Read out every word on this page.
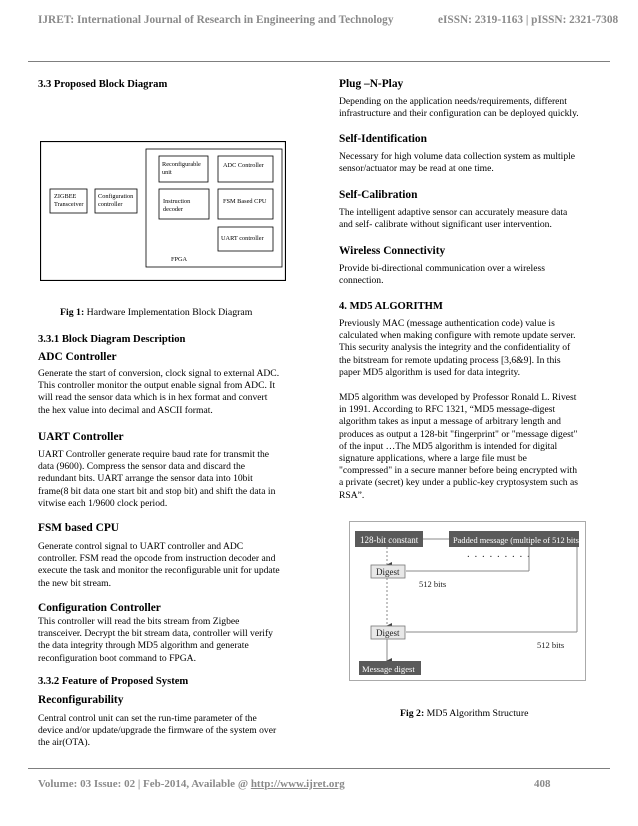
IJRET: International Journal of Research in Engineering and Technology	eISSN: 2319-1163 | pISSN: 2321-7308
3.3 Proposed Block Diagram
ZIGBEE
Transceiver
Configuration
controller
Reconfigurable
unit
ADC Controller
Instruction
decoder
FSM Based CPU
UART controller
FPGA
Fig 1: Hardware Implementation Block Diagram
3.3.1 Block Diagram Description
ADC Controller
Generate the start of conversion, clock signal to external ADC.
This controller monitor the output enable signal from ADC. It
will read the sensor data which is in hex format and convert
the hex value into decimal and ASCII format.
UART Controller
UART Controller generate require baud rate for transmit the
data (9600). Compress the sensor data and discard the
redundant bits. UART arrange the sensor data into 10bit
frame(8 bit data one start bit and stop bit) and shift the data in
vitwise each 1/9600 clock period.
FSM based CPU
Generate control signal to UART controller and ADC
controller. FSM read the opcode from instruction decoder and
execute the task and monitor the reconfigurable unit for update
the new bit stream.
Configuration Controller
This controller will read the bits stream from Zigbee
transceiver. Decrypt the bit stream data, controller will verify
the data integrity through MD5 algorithm and generate
reconfiguration boot command to FPGA.
3.3.2 Feature of Proposed System
Reconfigurability
Central control unit can set the run-time parameter of the
device and/or update/upgrade the firmware of the system over
the air(OTA).
Plug –N-Play
Depending on the application needs/requirements, different
infrastructure and their configuration can be deployed quickly.
Self-Identification
Necessary for high volume data collection system as multiple
sensor/actuator may be read at one time.
Self-Calibration
The intelligent adaptive sensor can accurately measure data
and self- calibrate without significant user intervention.
Wireless Connectivity
Provide bi-directional communication over a wireless
connection.
4. MD5 ALGORITHM
Previously MAC (message authentication code) value is
calculated when making configure with remote update server.
This security analysis the integrity and the confidentiality of
the bitstream for remote updating process [3,6&9]. In this
paper MD5 algorithm is used for data integrity.
MD5 algorithm was developed by Professor Ronald L. Rivest
in 1991. According to RFC 1321, “MD5 message-digest
algorithm takes as input a message of arbitrary length and
produces as output a 128-bit "fingerprint" or "message digest"
of the input …The MD5 algorithm is intended for digital
signature applications, where a large file must be
"compressed" in a secure manner before being encrypted with
a private (secret) key under a public-key cryptosystem such as
RSA”.
128-bit constant	Padded message (multiple of 512 bits)
. . . . . . . . .
Digest
512 bits
Digest
512 bits
Message digest
Fig 2: MD5 Algorithm Structure
Volume: 03 Issue: 02 | Feb-2014, Available @ http://www.ijret.org	408
